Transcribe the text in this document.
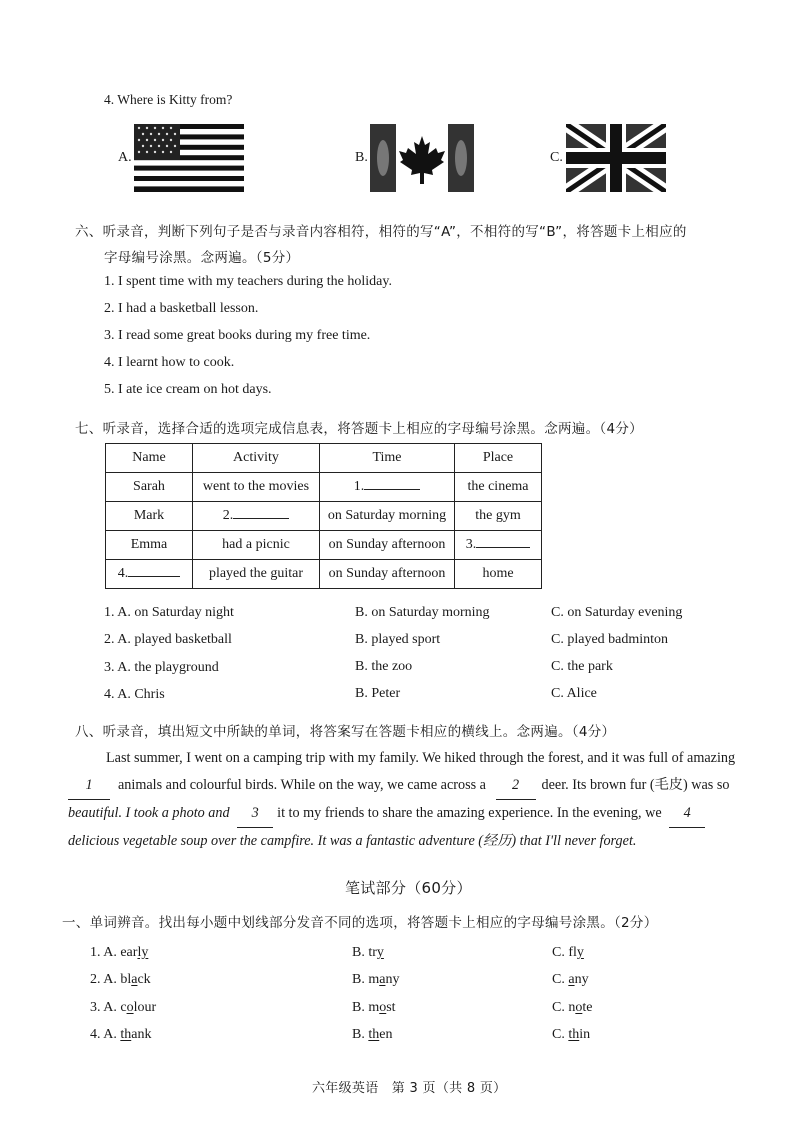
4. Where is Kitty from?
A.	B.	C.
六、听录音，判断下列句子是否与录音内容相符，相符的写“A”，不相符的写“B”，将答题卡上相应的
字母编号涂黑。念两遍。（5分）
1. I spent time with my teachers during the holiday.
2. I had a basketball lesson.
3. I read some great books during my free time.
4. I learnt how to cook.
5. I ate ice cream on hot days.
七、听录音，选择合适的选项完成信息表，将答题卡上相应的字母编号涂黑。念两遍。（4分）
Name	Activity	Time	Place
Sarah	went to the movies	1.	the cinema
Mark	2.	on Saturday morning	the gym
Emma	had a picnic	on Sunday afternoon	3.
4.	played the guitar	on Sunday afternoon	home
1. A. on Saturday night	B. on Saturday morning	C. on Saturday evening
2. A. played basketball	B. played sport	C. played badminton
3. A. the playground	B. the zoo	C. the park
4. A. Chris	B. Peter	C. Alice
八、听录音，填出短文中所缺的单词，将答案写在答题卡相应的横线上。念两遍。（4分）
Last summer, I went on a camping trip with my family. We hiked through the forest, and it was full of amazing
1 animals and colourful birds. While on the way, we came across a 2 deer. Its brown fur (毛皮) was so
beautiful. I took a photo and 3 it to my friends to share the amazing experience. In the evening, we 4
delicious vegetable soup over the campfire. It was a fantastic adventure (经历) that I'll never forget.
笔试部分（60分）
一、单词辨音。找出每小题中划线部分发音不同的选项，将答题卡上相应的字母编号涂黑。（2分）
1. A. early	B. try	C. fly
2. A. black	B. many	C. any
3. A. colour	B. most	C. note
4. A. thank	B. then	C. thin
六年级英语　第 3 页（共 8 页）
